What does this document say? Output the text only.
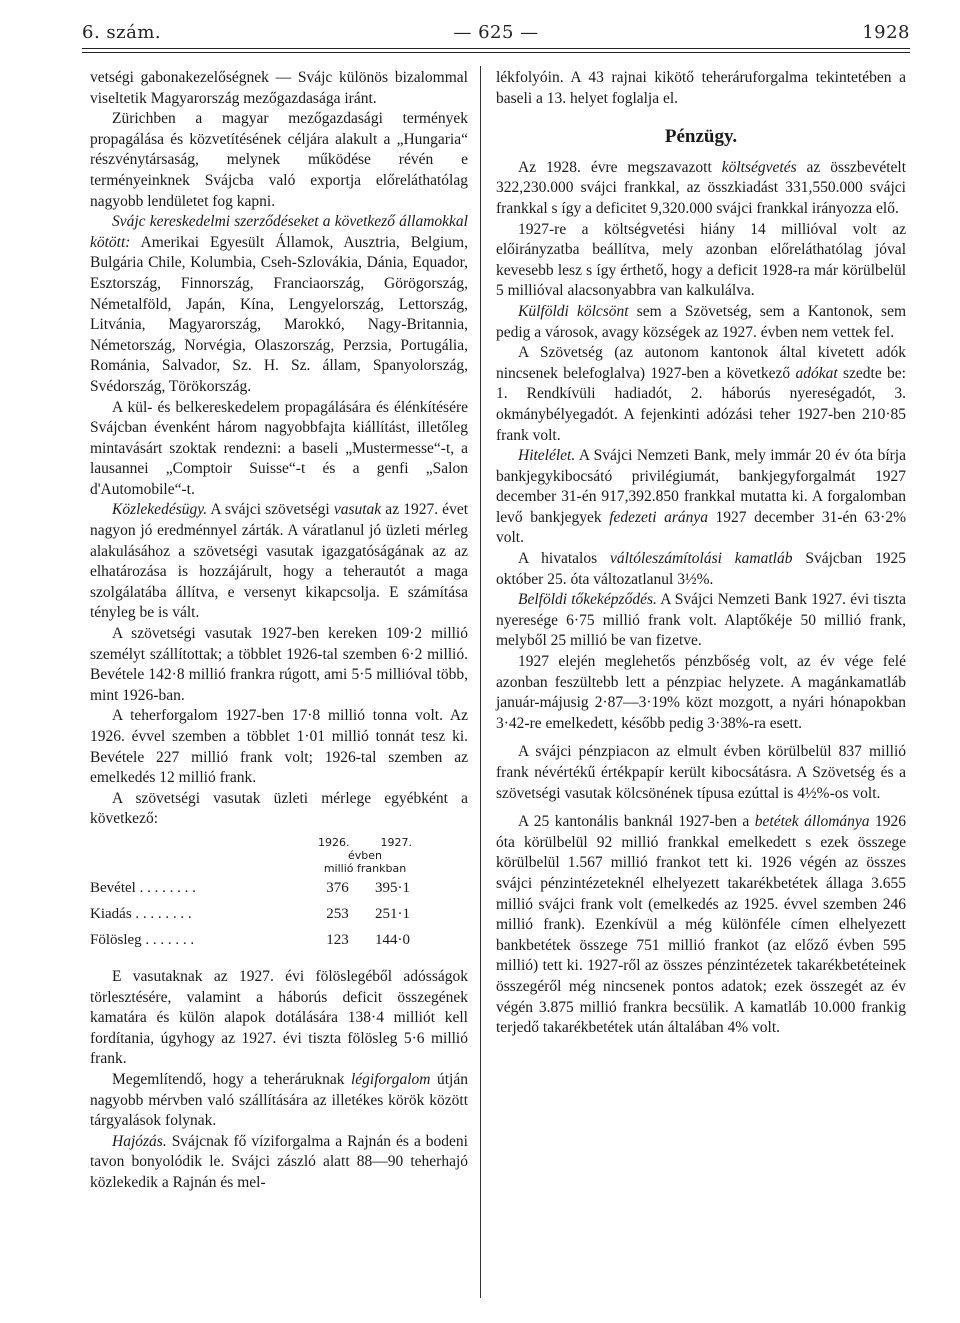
6. szám.	— 625 —	1928

vetségi gabonakezelőségnek — Svájc különös bizalommal viseltetik Magyarország mezőgazdasága iránt.

Zürichben a magyar mezőgazdasági termények propagálása és közvetítésének céljára alakult a „Hungaria“ részvénytársaság, melynek működése révén e terményeinknek Svájcba való exportja előreláthatólag nagyobb lendületet fog kapni.

Svájc kereskedelmi szerződéseket a következő államokkal kötött: Amerikai Egyesült Államok, Ausztria, Belgium, Bulgária Chile, Kolumbia, Cseh-Szlovákia, Dánia, Equador, Esztország, Finnország, Franciaország, Görögország, Németalföld, Japán, Kína, Lengyelország, Lettország, Litvánia, Magyarország, Marokkó, Nagy-Britannia, Németország, Norvégia, Olaszország, Perzsia, Portugália, Románia, Salvador, Sz. H. Sz. állam, Spanyolország, Svédország, Törökország.

A kül- és belkereskedelem propagálására és élénkítésére Svájcban évenként három nagyobbfajta kiállítást, illetőleg mintavásárt szoktak rendezni: a baseli „Mustermesse“-t, a lausannei „Comptoir Suisse“-t és a genfi „Salon d'Automobile“-t.

Közlekedésügy. A svájci szövetségi vasutak az 1927. évet nagyon jó eredménnyel zárták. A váratlanul jó üzleti mérleg alakulásához a szövetségi vasutak igazgatóságának az az elhatározása is hozzájárult, hogy a teherautót a maga szolgálatába állítva, e versenyt kikapcsolja. E számítása tényleg be is vált.

A szövetségi vasutak 1927-ben kereken 109·2 millió személyt szállítottak; a többlet 1926-tal szemben 6·2 millió. Bevétele 142·8 millió frankra rúgott, ami 5·5 millióval több, mint 1926-ban.

A teherforgalom 1927-ben 17·8 millió tonna volt. Az 1926. évvel szemben a többlet 1·01 millió tonnát tesz ki. Bevétele 227 millió frank volt; 1926-tal szemben az emelkedés 12 millió frank.

A szövetségi vasutak üzleti mérlege egyébként a következő:

1926.	1927.
évben
millió frankban
Bevétel . . . . . . . .	376	395·1
Kiadás . . . . . . . .	253	251·1
Fölösleg . . . . . . .	123	144·0

E vasutaknak az 1927. évi fölöslegéből adósságok törlesztésére, valamint a háborús deficit összegének kamatára és külön alapok dotálására 138·4 milliót kell fordítania, úgyhogy az 1927. évi tiszta fölösleg 5·6 millió frank.

Megemlítendő, hogy a teheráruknak légiforgalom útján nagyobb mérvben való szállítására az illetékes körök között tárgyalások folynak.

Hajózás. Svájcnak fő víziforgalma a Rajnán és a bodeni tavon bonyolódik le. Svájci zászló alatt 88—90 teherhajó közlekedik a Rajnán és mel-

lékfolyóin. A 43 rajnai kikötő teheráruforgalma tekintetében a baseli a 13. helyet foglalja el.

Pénzügy.

Az 1928. évre megszavazott költségvetés az összbevételt 322,230.000 svájci frankkal, az összkiadást 331,550.000 svájci frankkal s így a deficitet 9,320.000 svájci frankkal irányozza elő.

1927-re a költségvetési hiány 14 millióval volt az előirányzatba beállítva, mely azonban előreláthatólag jóval kevesebb lesz s így érthető, hogy a deficit 1928-ra már körülbelül 5 millióval alacsonyabbra van kalkulálva.

Külföldi kölcsönt sem a Szövetség, sem a Kantonok, sem pedig a városok, avagy községek az 1927. évben nem vettek fel.

A Szövetség (az autonom kantonok által kivetett adók nincsenek belefoglalva) 1927-ben a következő adókat szedte be: 1. Rendkívüli hadiadót, 2. háborús nyereségadót, 3. okmánybélyegadót. A fejenkinti adózási teher 1927-ben 210·85 frank volt.

Hitelélet. A Svájci Nemzeti Bank, mely immár 20 év óta bírja bankjegykibocsátó privilégiumát, bankjegyforgalmát 1927 december 31-én 917,392.850 frankkal mutatta ki. A forgalomban levő bankjegyek fedezeti aránya 1927 december 31-én 63·2% volt.

A hivatalos váltóleszámítolási kamatláb Svájcban 1925 október 25. óta változatlanul 3½%.

Belföldi tőkeképződés. A Svájci Nemzeti Bank 1927. évi tiszta nyeresége 6·75 millió frank volt. Alaptőkéje 50 millió frank, melyből 25 millió be van fizetve.

1927 elején meglehetős pénzbőség volt, az év vége felé azonban feszültebb lett a pénzpiac helyzete. A magánkamatláb január-májusig 2·87—3·19% közt mozgott, a nyári hónapokban 3·42-re emelkedett, később pedig 3·38%-ra esett.

A svájci pénzpiacon az elmult évben körülbelül 837 millió frank névértékű értékpapír került kibocsátásra. A Szövetség és a szövetségi vasutak kölcsönének típusa ezúttal is 4½%-os volt.

A 25 kantonális banknál 1927-ben a betétek állománya 1926 óta körülbelül 92 millió frankkal emelkedett s ezek összege körülbelül 1.567 millió frankot tett ki. 1926 végén az összes svájci pénzintézeteknél elhelyezett takarékbetétek állaga 3.655 millió svájci frank volt (emelkedés az 1925. évvel szemben 246 millió frank). Ezenkívül a még különféle címen elhelyezett bankbetétek összege 751 millió frankot (az előző évben 595 millió) tett ki. 1927-ről az összes pénzintézetek takarékbetéteinek összegéről még nincsenek pontos adatok; ezek összegét az év végén 3.875 millió frankra becsülik. A kamatláb 10.000 frankig terjedő takarékbetétek után általában 4% volt.
